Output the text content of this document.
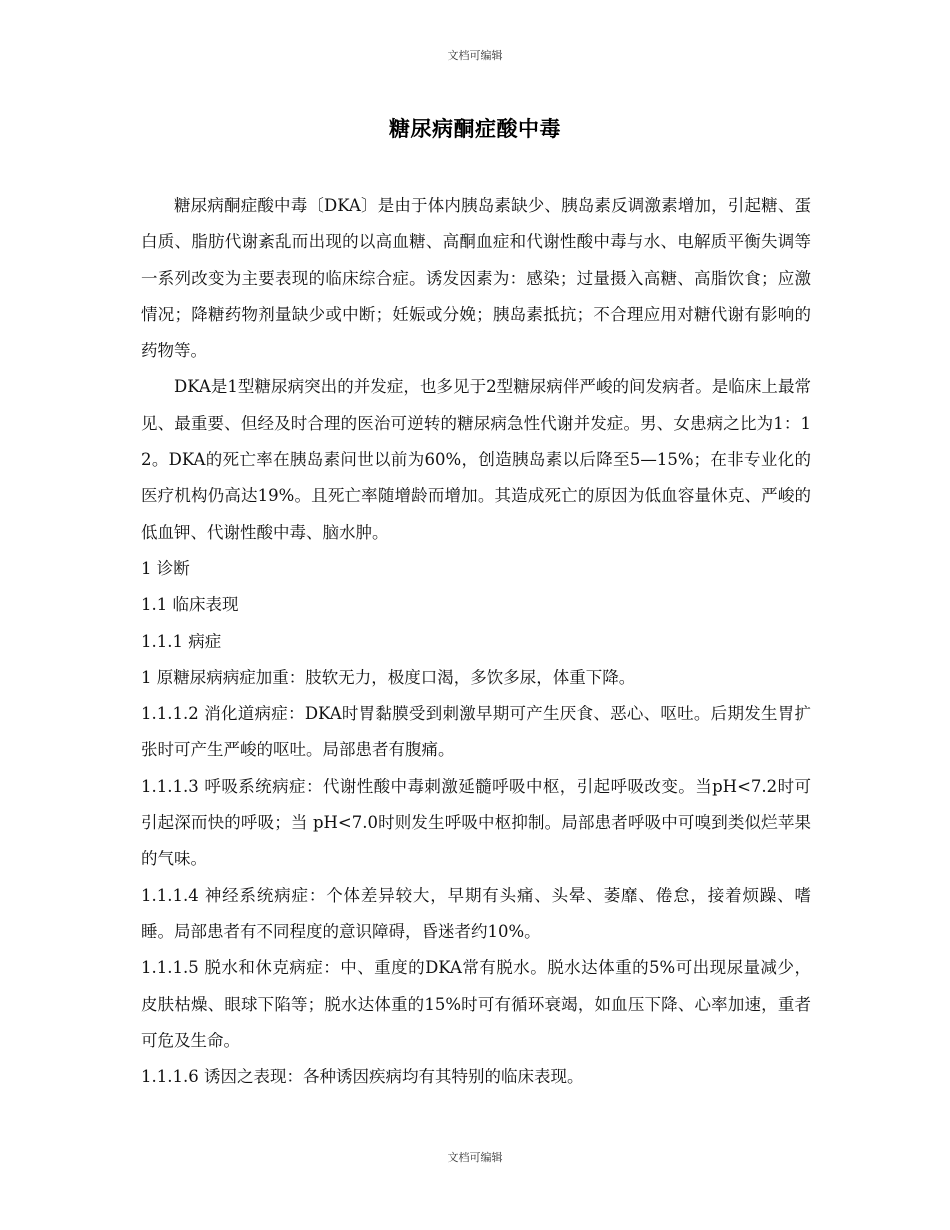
文档可编辑
糖尿病酮症酸中毒

糖尿病酮症酸中毒〔DKA〕是由于体内胰岛素缺少、胰岛素反调激素增加，引起糖、蛋白质、脂肪代谢紊乱而出现的以高血糖、高酮血症和代谢性酸中毒与水、电解质平衡失调等一系列改变为主要表现的临床综合症。诱发因素为：感染；过量摄入高糖、高脂饮食；应激情况；降糖药物剂量缺少或中断；妊娠或分娩；胰岛素抵抗；不合理应用对糖代谢有影响的药物等。

DKA是1型糖尿病突出的并发症，也多见于2型糖尿病伴严峻的间发病者。是临床上最常见、最重要、但经及时合理的医治可逆转的糖尿病急性代谢并发症。男、女患病之比为1：12。DKA的死亡率在胰岛素问世以前为60%，创造胰岛素以后降至5—15%；在非专业化的医疗机构仍高达19%。且死亡率随增龄而增加。其造成死亡的原因为低血容量休克、严峻的低血钾、代谢性酸中毒、脑水肿。

1 诊断

1.1 临床表现

1.1.1 病症

1 原糖尿病病症加重：肢软无力，极度口渴，多饮多尿，体重下降。

1.1.1.2 消化道病症：DKA时胃黏膜受到刺激早期可产生厌食、恶心、呕吐。后期发生胃扩张时可产生严峻的呕吐。局部患者有腹痛。

1.1.1.3 呼吸系统病症：代谢性酸中毒刺激延髓呼吸中枢，引起呼吸改变。当pH<7.2时可引起深而快的呼吸；当 pH<7.0时则发生呼吸中枢抑制。局部患者呼吸中可嗅到类似烂苹果的气味。

1.1.1.4 神经系统病症：个体差异较大，早期有头痛、头晕、萎靡、倦怠，接着烦躁、嗜睡。局部患者有不同程度的意识障碍，昏迷者约10%。

1.1.1.5 脱水和休克病症：中、重度的DKA常有脱水。脱水达体重的5%可出现尿量减少，皮肤枯燥、眼球下陷等；脱水达体重的15%时可有循环衰竭，如血压下降、心率加速，重者可危及生命。

1.1.1.6 诱因之表现：各种诱因疾病均有其特别的临床表现。

文档可编辑
